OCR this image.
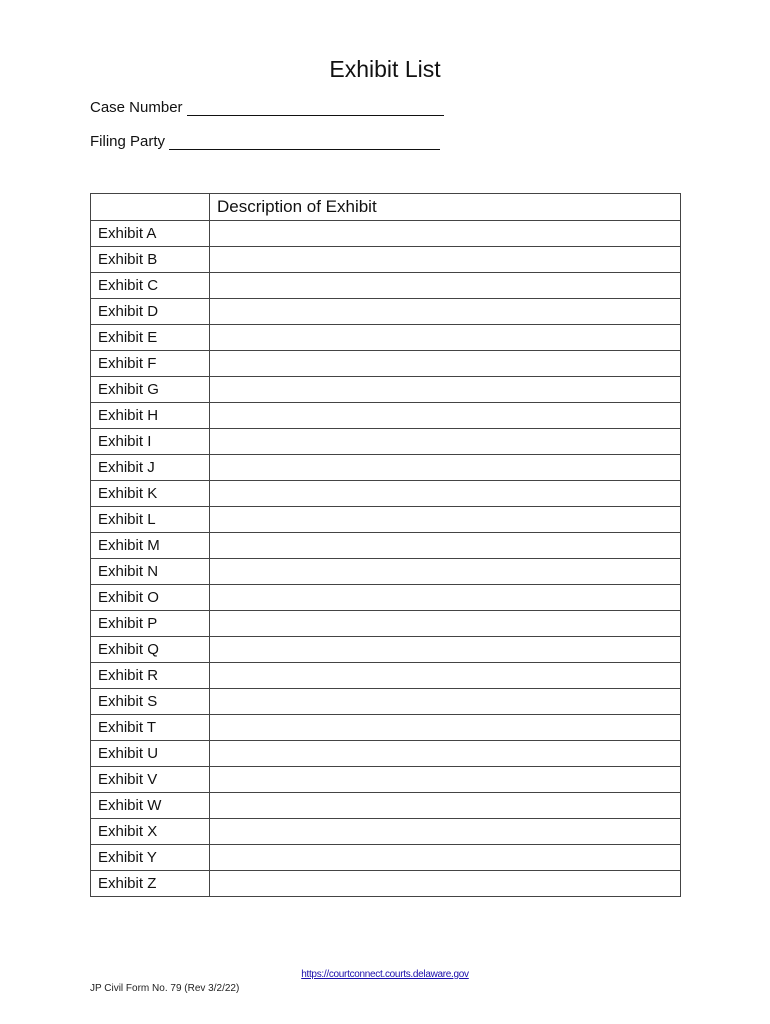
Exhibit List
Case Number
Filing Party
	Description of Exhibit
Exhibit A	
Exhibit B	
Exhibit C	
Exhibit D	
Exhibit E	
Exhibit F	
Exhibit G	
Exhibit H	
Exhibit I	
Exhibit J	
Exhibit K	
Exhibit L	
Exhibit M	
Exhibit N	
Exhibit O	
Exhibit P	
Exhibit Q	
Exhibit R	
Exhibit S	
Exhibit T	
Exhibit U	
Exhibit V	
Exhibit W	
Exhibit X	
Exhibit Y	
Exhibit Z	
https://courtconnect.courts.delaware.gov
JP Civil Form No. 79 (Rev 3/2/22)
